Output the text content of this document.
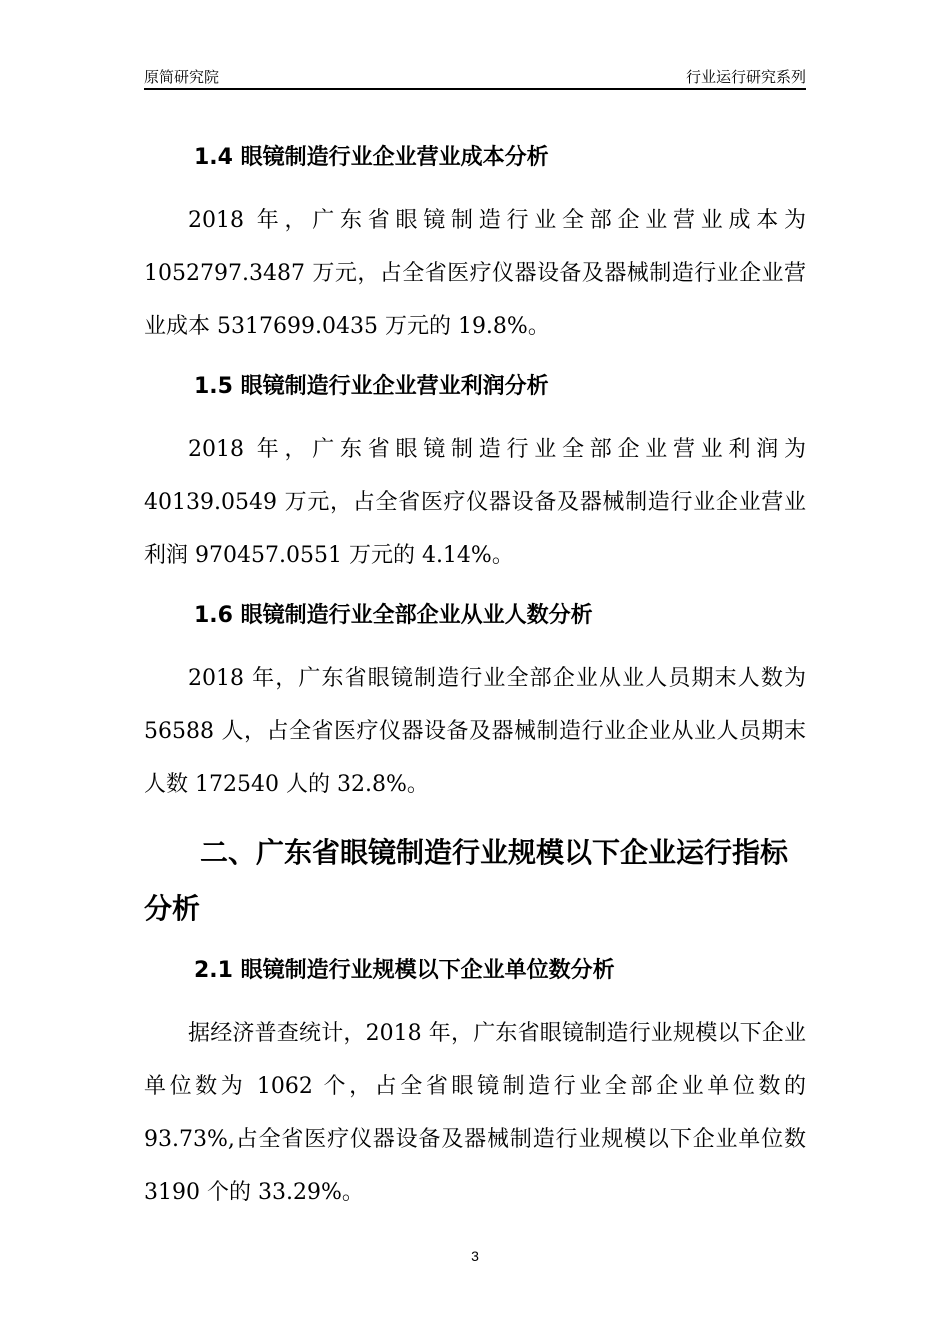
原简研究院	行业运行研究系列
1.4 眼镜制造行业企业营业成本分析

2018 年，广东省眼镜制造行业全部企业营业成本为 1052797.3487 万元，占全省医疗仪器设备及器械制造行业企业营业成本 5317699.0435 万元的 19.8%。

1.5 眼镜制造行业企业营业利润分析

2018 年，广东省眼镜制造行业全部企业营业利润为 40139.0549 万元，占全省医疗仪器设备及器械制造行业企业营业利润 970457.0551 万元的 4.14%。

1.6 眼镜制造行业全部企业从业人数分析

2018 年，广东省眼镜制造行业全部企业从业人员期末人数为 56588 人，占全省医疗仪器设备及器械制造行业企业从业人员期末人数 172540 人的 32.8%。

二、广东省眼镜制造行业规模以下企业运行指标分析
2.1 眼镜制造行业规模以下企业单位数分析

据经济普查统计，2018 年，广东省眼镜制造行业规模以下企业单位数为 1062 个，占全省眼镜制造行业全部企业单位数的 93.73%,占全省医疗仪器设备及器械制造行业规模以下企业单位数 3190 个的 33.29%。

3
